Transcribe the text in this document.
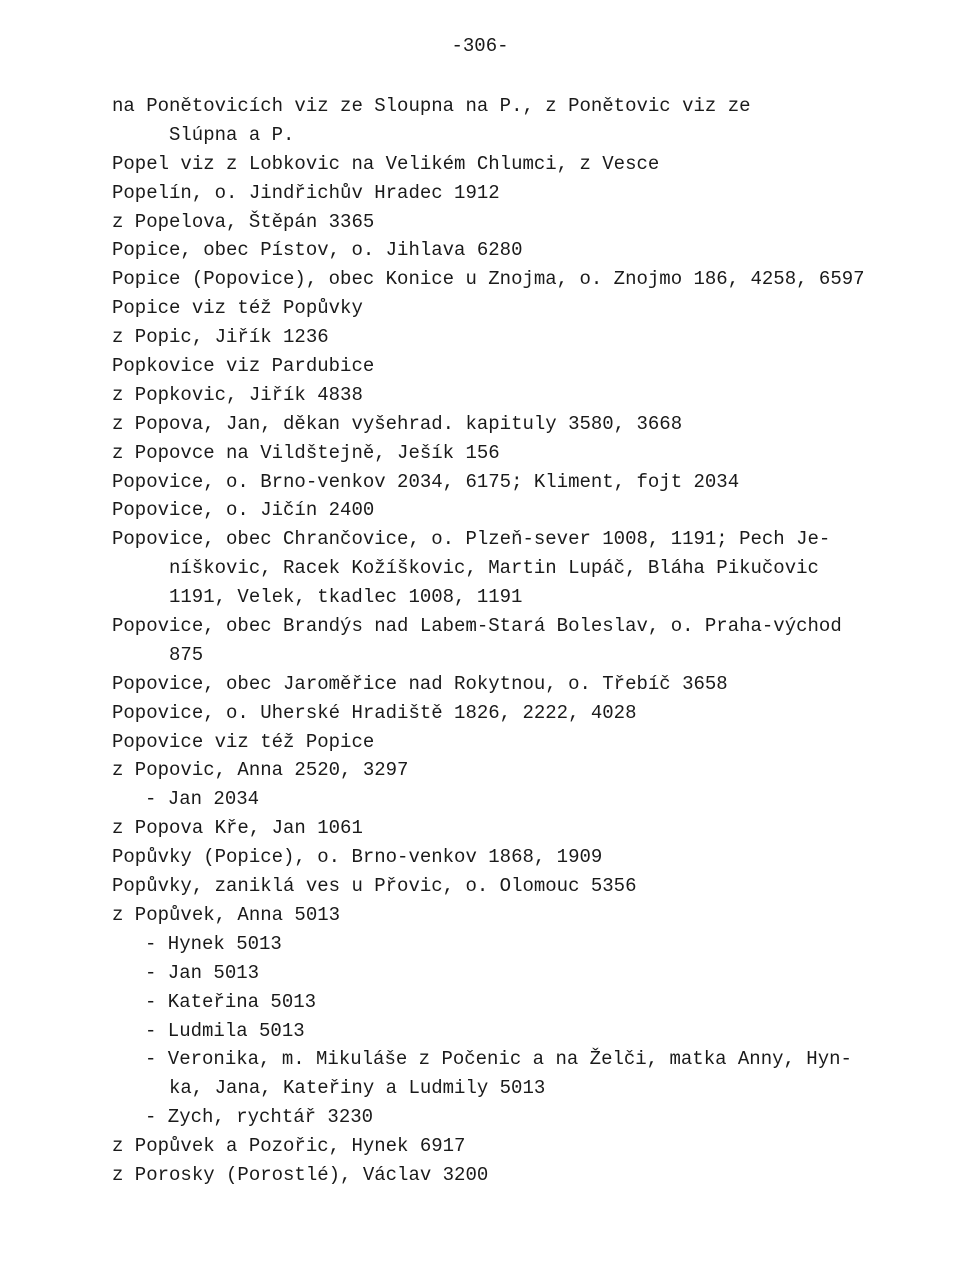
-306-
na Ponětovicích viz ze Sloupna na P., z Ponětovic viz ze
Slúpna a P.
Popel viz z Lobkovic na Velikém Chlumci, z Vesce
Popelín, o. Jindřichův Hradec 1912
z Popelova, Štěpán 3365
Popice, obec Pístov, o. Jihlava 6280
Popice (Popovice), obec Konice u Znojma, o. Znojmo 186, 4258, 6597
Popice viz též Popůvky
z Popic, Jiřík 1236
Popkovice viz Pardubice
z Popkovic, Jiřík 4838
z Popova, Jan, děkan vyšehrad. kapituly 3580, 3668
z Popovce na Vildštejně, Ješík 156
Popovice, o. Brno-venkov 2034, 6175; Kliment, fojt 2034
Popovice, o. Jičín 2400
Popovice, obec Chrančovice, o. Plzeň-sever 1008, 1191; Pech Je-
níškovic, Racek Kožíškovic, Martin Lupáč, Bláha Pikučovic
1191, Velek, tkadlec 1008, 1191
Popovice, obec Brandýs nad Labem-Stará Boleslav, o. Praha-východ
875
Popovice, obec Jaroměřice nad Rokytnou, o. Třebíč 3658
Popovice, o. Uherské Hradiště 1826, 2222, 4028
Popovice viz též Popice
z Popovic, Anna 2520, 3297
- Jan 2034
z Popova Kře, Jan 1061
Popůvky (Popice), o. Brno-venkov 1868, 1909
Popůvky, zaniklá ves u Přovic, o. Olomouc 5356
z Popůvek, Anna 5013
- Hynek 5013
- Jan 5013
- Kateřina 5013
- Ludmila 5013
- Veronika, m. Mikuláše z Počenic a na Želči, matka Anny, Hyn-
ka, Jana, Kateřiny a Ludmily 5013
- Zych, rychtář 3230
z Popůvek a Pozořic, Hynek 6917
z Porosky (Porostlé), Václav 3200
